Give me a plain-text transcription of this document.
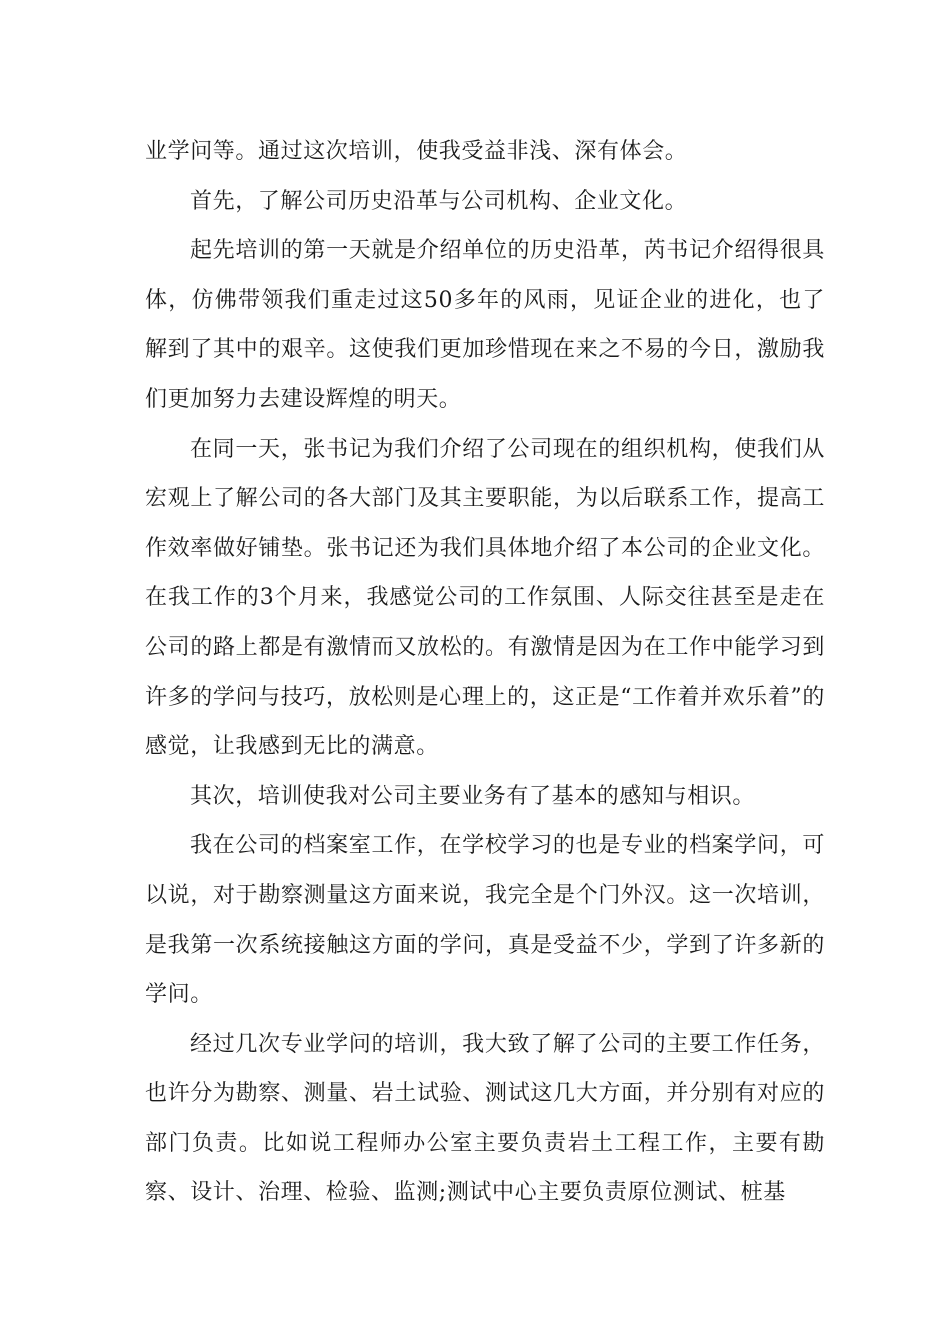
业学问等。通过这次培训，使我受益非浅、深有体会。

首先，了解公司历史沿革与公司机构、企业文化。

起先培训的第一天就是介绍单位的历史沿革，芮书记介绍得很具体，仿佛带领我们重走过这50多年的风雨，见证企业的进化，也了解到了其中的艰辛。这使我们更加珍惜现在来之不易的今日，激励我们更加努力去建设辉煌的明天。

在同一天，张书记为我们介绍了公司现在的组织机构，使我们从宏观上了解公司的各大部门及其主要职能，为以后联系工作，提高工作效率做好铺垫。张书记还为我们具体地介绍了本公司的企业文化。在我工作的3个月来，我感觉公司的工作氛围、人际交往甚至是走在公司的路上都是有激情而又放松的。有激情是因为在工作中能学习到许多的学问与技巧，放松则是心理上的，这正是“工作着并欢乐着”的感觉，让我感到无比的满意。

其次，培训使我对公司主要业务有了基本的感知与相识。

我在公司的档案室工作，在学校学习的也是专业的档案学问，可以说，对于勘察测量这方面来说，我完全是个门外汉。这一次培训，是我第一次系统接触这方面的学问，真是受益不少，学到了许多新的学问。

经过几次专业学问的培训，我大致了解了公司的主要工作任务，也许分为勘察、测量、岩土试验、测试这几大方面，并分别有对应的部门负责。比如说工程师办公室主要负责岩土工程工作，主要有勘察、设计、治理、检验、监测;测试中心主要负责原位测试、桩基
